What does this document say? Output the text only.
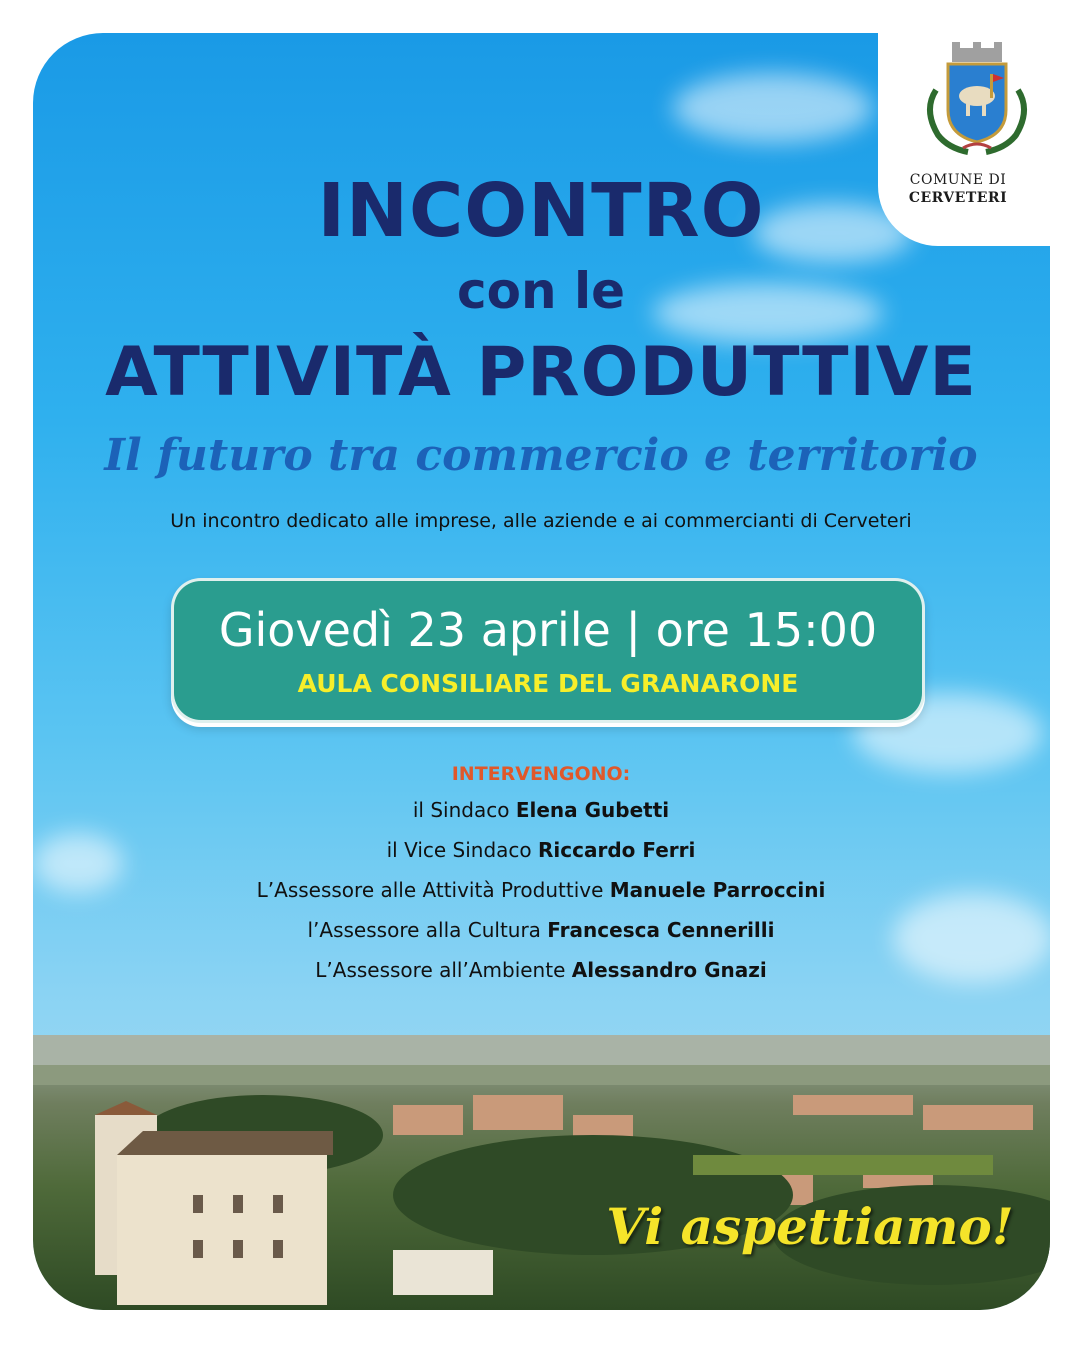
COMUNE DI
CERVETERI
INCONTRO
con le
ATTIVITÀ PRODUTTIVE
Il futuro tra commercio e territorio
Un incontro dedicato alle imprese, alle aziende e ai commercianti di Cerveteri
Giovedì 23 aprile | ore 15:00
AULA CONSILIARE DEL GRANARONE
INTERVENGONO:
il Sindaco Elena Gubetti
il Vice Sindaco Riccardo Ferri
L’Assessore alle Attività Produttive Manuele Parroccini
l’Assessore alla Cultura Francesca Cennerilli
L’Assessore all’Ambiente Alessandro Gnazi
Vi aspettiamo!
